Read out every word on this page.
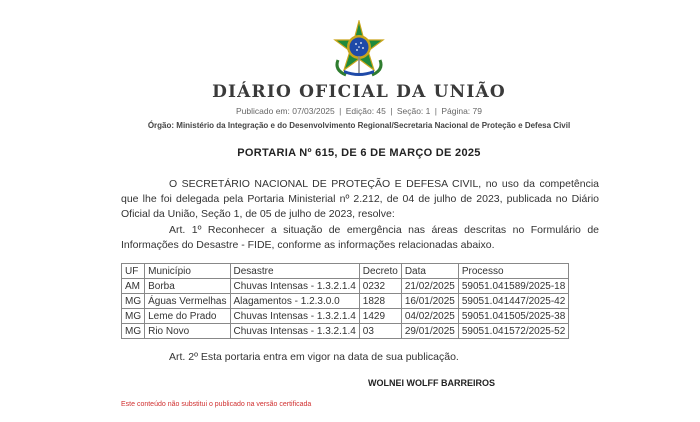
DIÁRIO OFICIAL DA UNIÃO
Publicado em: 07/03/2025 | Edição: 45 | Seção: 1 | Página: 79
Órgão: Ministério da Integração e do Desenvolvimento Regional/Secretaria Nacional de Proteção e Defesa Civil
PORTARIA Nº 615, DE 6 DE MARÇO DE 2025
O SECRETÁRIO NACIONAL DE PROTEÇÃO E DEFESA CIVIL, no uso da competência que lhe foi delegada pela Portaria Ministerial nº 2.212, de 04 de julho de 2023, publicada no Diário Oficial da União, Seção 1, de 05 de julho de 2023, resolve:
Art. 1º Reconhecer a situação de emergência nas áreas descritas no Formulário de Informações do Desastre - FIDE, conforme as informações relacionadas abaixo.
UF	Município	Desastre	Decreto	Data	Processo
AM	Borba	Chuvas Intensas - 1.3.2.1.4	0232	21/02/2025	59051.041589/2025-18
MG	Águas Vermelhas	Alagamentos - 1.2.3.0.0	1828	16/01/2025	59051.041447/2025-42
MG	Leme do Prado	Chuvas Intensas - 1.3.2.1.4	1429	04/02/2025	59051.041505/2025-38
MG	Rio Novo	Chuvas Intensas - 1.3.2.1.4	03	29/01/2025	59051.041572/2025-52
Art. 2º Esta portaria entra em vigor na data de sua publicação.
WOLNEI WOLFF BARREIROS
Este conteúdo não substitui o publicado na versão certificada
